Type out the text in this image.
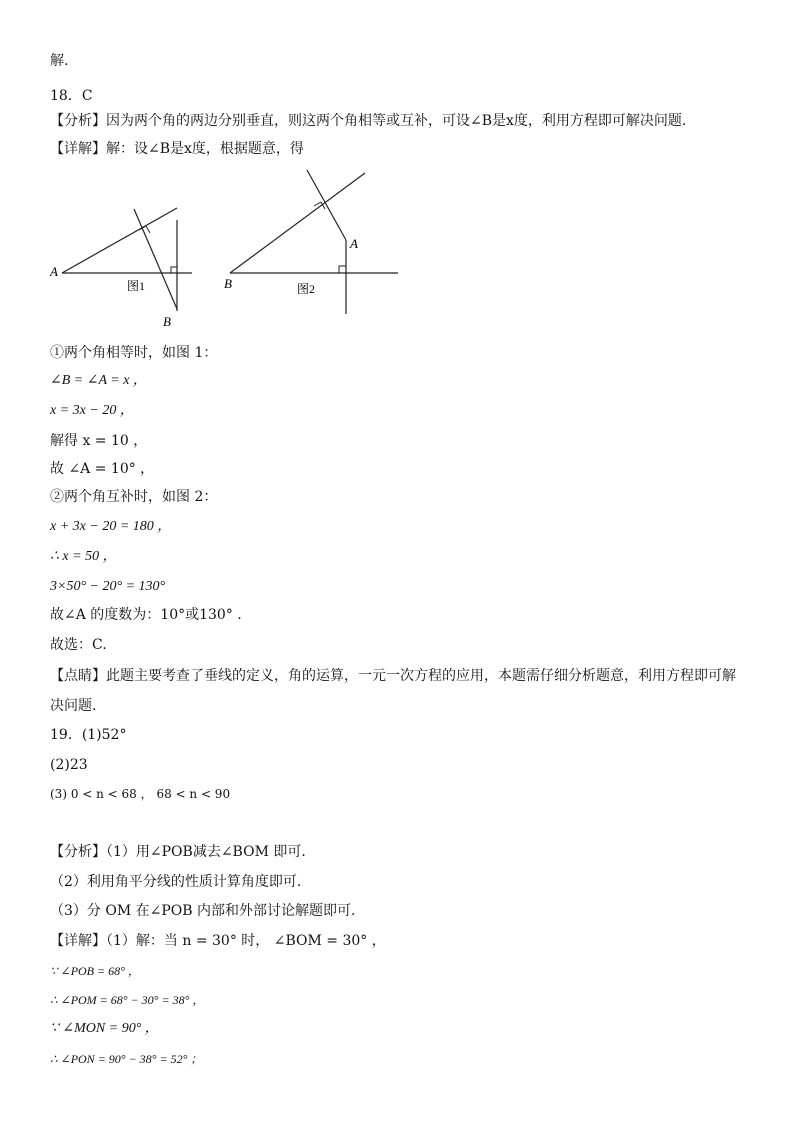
解.
18．C
【分析】因为两个角的两边分别垂直，则这两个角相等或互补，可设∠B是x度，利用方程即可解决问题.
【详解】解：设∠B是x度，根据题意，得
A
B
图1
A
B	图2
①两个角相等时，如图 1：
∠B = ∠A = x ，
x = 3x − 20 ，
解得 x = 10 ，
故 ∠A = 10° ，
②两个角互补时，如图 2：
x + 3x − 20 = 180 ，
∴ x = 50 ，
3×50° − 20° = 130°
故∠A 的度数为：10°或130° .
故选：C.
【点睛】此题主要考查了垂线的定义，角的运算，一元一次方程的应用，本题需仔细分析题意，利用方程即可解
决问题.
19．(1)52°
(2)23
(3) 0 < n < 68 ， 68 < n < 90
【分析】（1）用∠POB减去∠BOM 即可.
（2）利用角平分线的性质计算角度即可.
（3）分 OM 在∠POB 内部和外部讨论解题即可.
【详解】（1）解：当 n = 30° 时， ∠BOM = 30° ，
∵ ∠POB = 68° ，
∴ ∠POM = 68° − 30° = 38° ，
∵ ∠MON = 90° ，
∴ ∠PON = 90° − 38° = 52° ；
